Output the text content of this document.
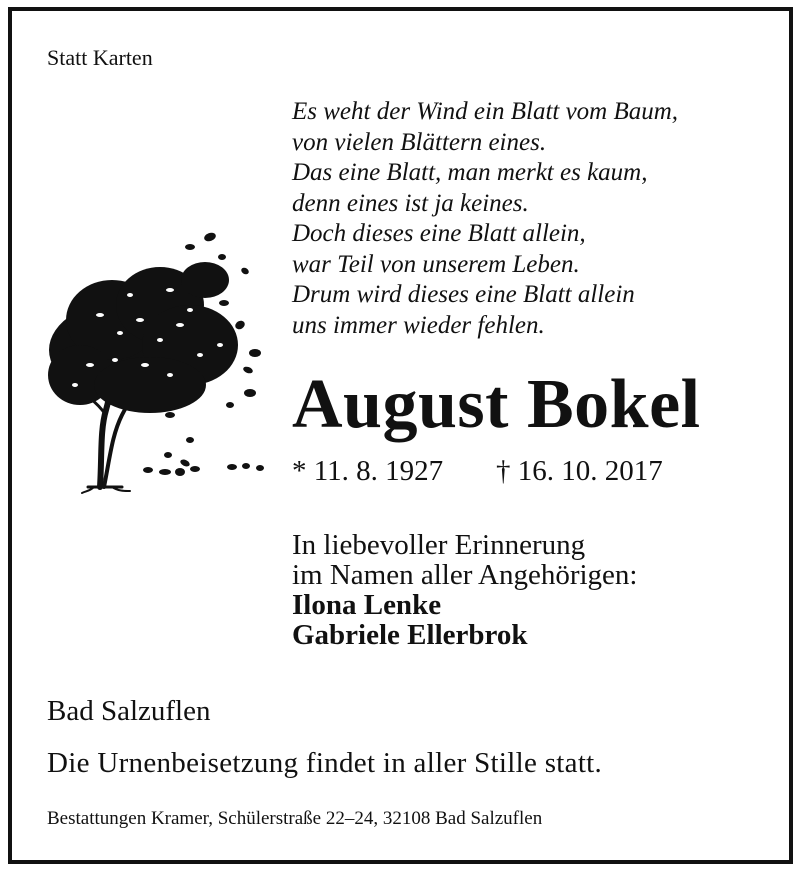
Statt Karten
Es weht der Wind ein Blatt vom Baum,
von vielen Blättern eines.
Das eine Blatt, man merkt es kaum,
denn eines ist ja keines.
Doch dieses eine Blatt allein,
war Teil von unserem Leben.
Drum wird dieses eine Blatt allein
uns immer wieder fehlen.
August Bokel
* 11. 8. 1927 † 16. 10. 2017
In liebevoller Erinnerung
im Namen aller Angehörigen:
Ilona Lenke
Gabriele Ellerbrok
Bad Salzuflen
Die Urnenbeisetzung findet in aller Stille statt.
Bestattungen Kramer, Schülerstraße 22–24, 32108 Bad Salzuflen
